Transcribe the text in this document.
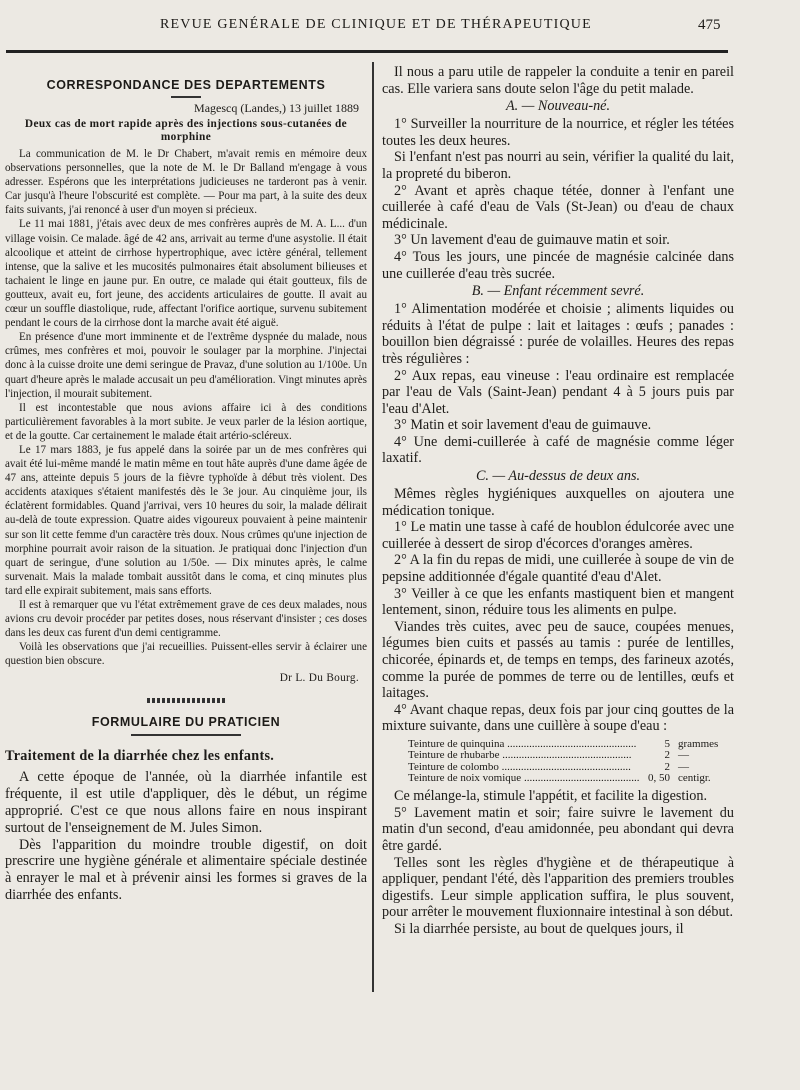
REVUE GENÉRALE DE CLINIQUE ET DE THÉRAPEUTIQUE	475
CORRESPONDANCE DES DEPARTEMENTS
Magescq (Landes,) 13 juillet 1889
Deux cas de mort rapide après des injections sous-cutanées de morphine

La communication de M. le Dr Chabert, m'avait remis en mémoire deux observations personnelles, que la note de M. le Dr Balland m'engage à vous adresser. Espérons que les interprétations judicieuses ne tarderont pas à venir. Car jusqu'à l'heure l'obscurité est complète. — Pour ma part, à la suite des deux faits suivants, j'ai renoncé à user d'un moyen si précieux.

Le 11 mai 1881, j'étais avec deux de mes confrères auprès de M. A. L... d'un village voisin. Ce malade. âgé de 42 ans, arrivait au terme d'une asystolie. Il était alcoolique et atteint de cirrhose hypertrophique, avec ictère général, tellement intense, que la salive et les mucosités pulmonaires était absolument bilieuses et tachaient le linge en jaune pur. En outre, ce malade qui était goutteux, fils de goutteux, avait eu, fort jeune, des accidents articulaires de goutte. Il avait au cœur un souffle diastolique, rude, affectant l'orifice aortique, survenu subitement pendant le cours de la cirrhose dont la marche avait été aiguë.

En présence d'une mort imminente et de l'extrême dyspnée du malade, nous crûmes, mes confrères et moi, pouvoir le soulager par la morphine. J'injectai donc à la cuisse droite une demi seringue de Pravaz, d'une solution au 1/100e. Un quart d'heure après le malade accusait un peu d'amélioration. Vingt minutes après l'injection, il mourait subitement.

Il est incontestable que nous avions affaire ici à des conditions particulièrement favorables à la mort subite. Je veux parler de la lésion aortique, et de la goutte. Car certainement le malade était artério-scléreux.

Le 17 mars 1883, je fus appelé dans la soirée par un de mes confrères qui avait été lui-même mandé le matin même en tout hâte auprès d'une dame âgée de 47 ans, atteinte depuis 5 jours de la fièvre typhoïde à début très violent. Des accidents ataxiques s'étaient manifestés dès le 3e jour. Au cinquième jour, ils éclatèrent formidables. Quand j'arrivai, vers 10 heures du soir, la malade délirait au-delà de toute expression. Quatre aides vigoureux pouvaient à peine maintenir sur son lit cette femme d'un caractère très doux. Nous crûmes qu'une injection de morphine pourrait avoir raison de la situation. Je pratiquai donc l'injection d'un quart de seringue, d'une solution au 1/50e. — Dix minutes après, le calme survenait. Mais la malade tombait aussitôt dans le coma, et cinq minutes plus tard elle expirait subitement, mais sans efforts.

Il est à remarquer que vu l'état extrêmement grave de ces deux malades, nous avions cru devoir procéder par petites doses, nous réservant d'insister ; ces doses dans les deux cas furent d'un demi centigramme.

Voilà les observations que j'ai recueillies. Puissent-elles servir à éclairer une question bien obscure.

Dr L. Du Bourg.
FORMULAIRE DU PRATICIEN
Traitement de la diarrhée chez les enfants.

A cette époque de l'année, où la diarrhée infantile est fréquente, il est utile d'appliquer, dès le début, un régime approprié. C'est ce que nous allons faire en nous inspirant surtout de l'enseignement de M. Jules Simon.

Dès l'apparition du moindre trouble digestif, on doit prescrire une hygiène générale et alimentaire spéciale destinée à enrayer le mal et à prévenir ainsi les formes si graves de la diarrhée des enfants.

Il nous a paru utile de rappeler la conduite a tenir en pareil cas. Elle variera sans doute selon l'âge du petit malade.

A. — Nouveau-né.

1° Surveiller la nourriture de la nourrice, et régler les tétées toutes les deux heures.

Si l'enfant n'est pas nourri au sein, vérifier la qualité du lait, la propreté du biberon.

2° Avant et après chaque tétée, donner à l'enfant une cuillerée à café d'eau de Vals (St-Jean) ou d'eau de chaux médicinale.

3° Un lavement d'eau de guimauve matin et soir.

4° Tous les jours, une pincée de magnésie calcinée dans une cuillerée d'eau très sucrée.

B. — Enfant récemment sevré.

1° Alimentation modérée et choisie ; aliments liquides ou réduits à l'état de pulpe : lait et laitages : œufs ; panades : bouillon bien dégraissé : purée de volailles. Heures des repas très régulières :

2° Aux repas, eau vineuse : l'eau ordinaire est remplacée par l'eau de Vals (Saint-Jean) pendant 4 à 5 jours puis par l'eau d'Alet.

3° Matin et soir lavement d'eau de guimauve.

4° Une demi-cuillerée à café de magnésie comme léger laxatif.

C. — Au-dessus de deux ans.

Mêmes règles hygiéniques auxquelles on ajoutera une médication tonique.

1° Le matin une tasse à café de houblon édulcorée avec une cuillerée à dessert de sirop d'écorces d'oranges amères.

2° A la fin du repas de midi, une cuillerée à soupe de vin de pepsine additionnée d'égale quantité d'eau d'Alet.

3° Veiller à ce que les enfants mastiquent bien et mangent lentement, sinon, réduire tous les aliments en pulpe.

Viandes très cuites, avec peu de sauce, coupées menues, légumes bien cuits et passés au tamis : purée de lentilles, chicorée, épinards et, de temps en temps, des farineux azotés, comme la purée de pommes de terre ou de lentilles, œufs et laitages.

4° Avant chaque repas, deux fois par jour cinq gouttes de la mixture suivante, dans une cuillère à soupe d'eau :

Teinture de quinquina .....	5 grammes
Teinture de rhubarbe .....	2 —
Teinture de colombo .....	2 —
Teinture de noix vomique .....	0, 50 centigr.

Ce mélange-la, stimule l'appétit, et facilite la digestion.

5° Lavement matin et soir; faire suivre le lavement du matin d'un second, d'eau amidonnée, peu abondant qui devra être gardé.

Telles sont les règles d'hygiène et de thérapeutique à appliquer, pendant l'été, dès l'apparition des premiers troubles digestifs. Leur simple application suffira, le plus souvent, pour arrêter le mouvement fluxionnaire intestinal à son début.

Si la diarrhée persiste, au bout de quelques jours, il
